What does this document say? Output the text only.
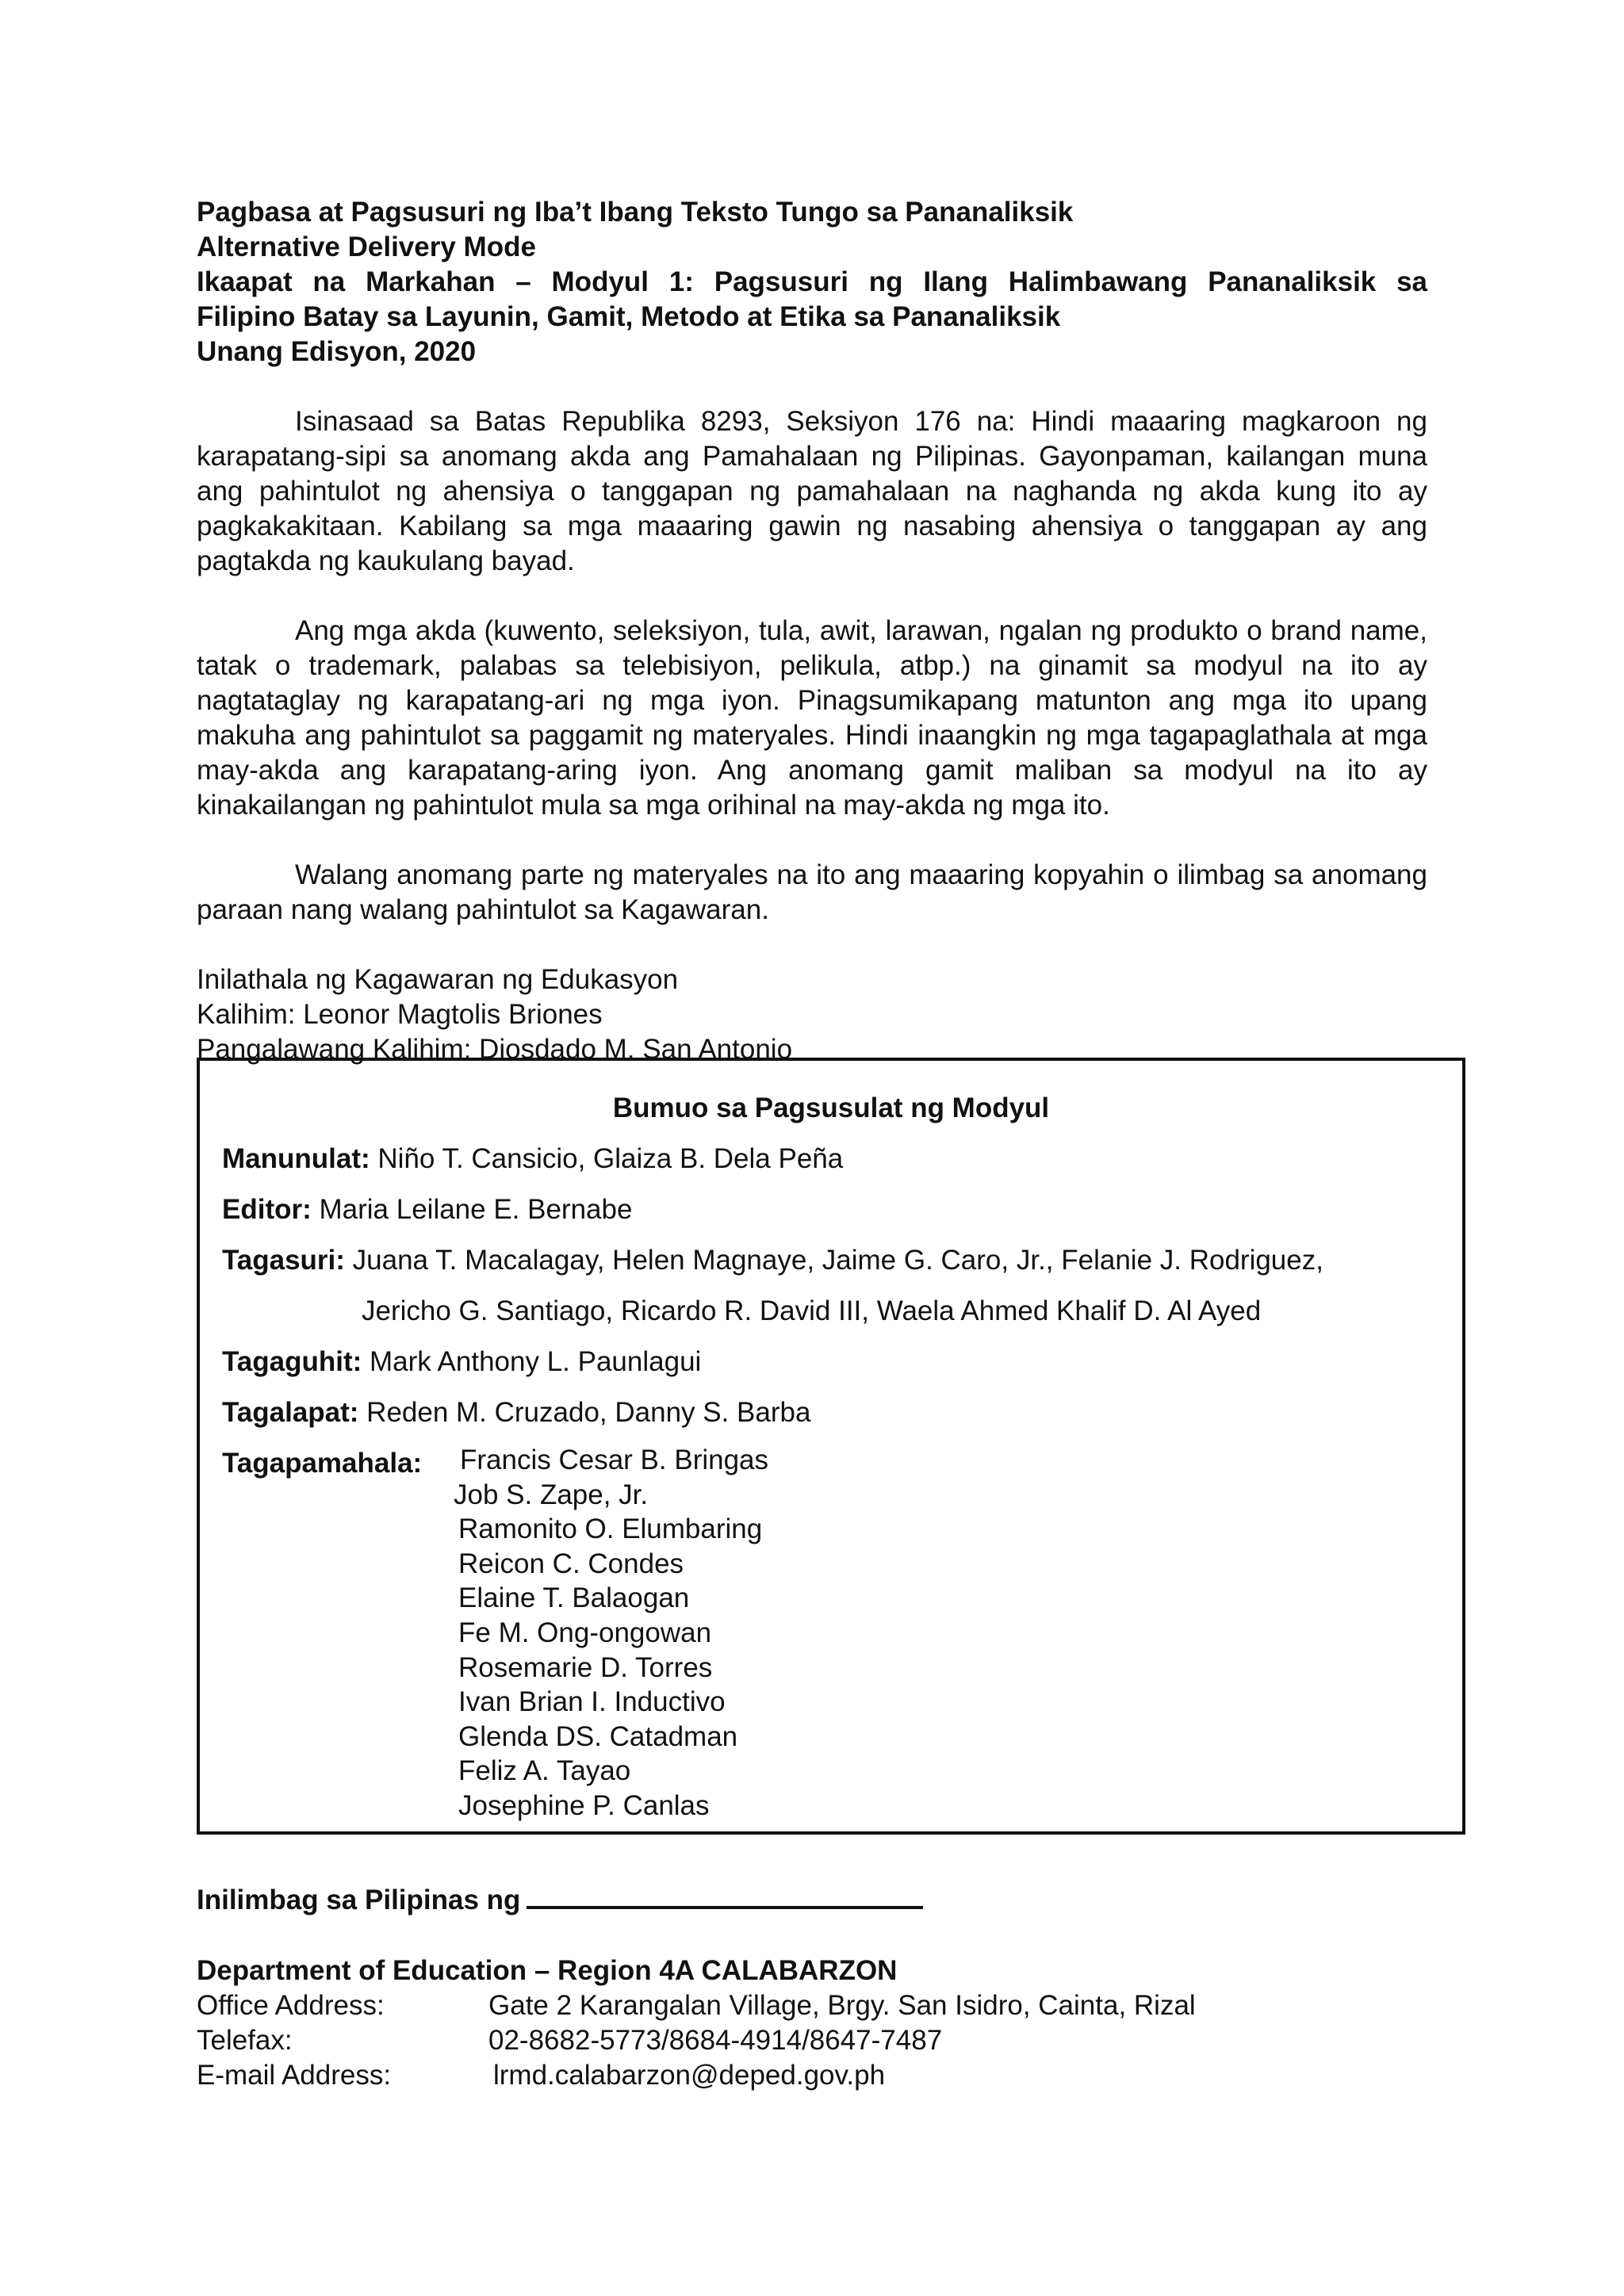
Pagbasa at Pagsusuri ng Iba’t Ibang Teksto Tungo sa Pananaliksik
Alternative Delivery Mode
Ikaapat na Markahan – Modyul 1: Pagsusuri ng Ilang Halimbawang Pananaliksik sa
Filipino Batay sa Layunin, Gamit, Metodo at Etika sa Pananaliksik
Unang Edisyon, 2020

Isinasaad sa Batas Republika 8293, Seksiyon 176 na: Hindi maaaring magkaroon ng karapatang-sipi sa anomang akda ang Pamahalaan ng Pilipinas. Gayonpaman, kailangan muna ang pahintulot ng ahensiya o tanggapan ng pamahalaan na naghanda ng akda kung ito ay pagkakakitaan. Kabilang sa mga maaaring gawin ng nasabing ahensiya o tanggapan ay ang pagtakda ng kaukulang bayad.

Ang mga akda (kuwento, seleksiyon, tula, awit, larawan, ngalan ng produkto o brand name, tatak o trademark, palabas sa telebisiyon, pelikula, atbp.) na ginamit sa modyul na ito ay nagtataglay ng karapatang-ari ng mga iyon. Pinagsumikapang matunton ang mga ito upang makuha ang pahintulot sa paggamit ng materyales. Hindi inaangkin ng mga tagapaglathala at mga may-akda ang karapatang-aring iyon. Ang anomang gamit maliban sa modyul na ito ay kinakailangan ng pahintulot mula sa mga orihinal na may-akda ng mga ito.

Walang anomang parte ng materyales na ito ang maaaring kopyahin o ilimbag sa anomang paraan nang walang pahintulot sa Kagawaran.

Inilathala ng Kagawaran ng Edukasyon
Kalihim: Leonor Magtolis Briones
Pangalawang Kalihim: Diosdado M. San Antonio
Bumuo sa Pagsusulat ng Modyul
Manunulat: Niño T. Cansicio, Glaiza B. Dela Peña
Editor: Maria Leilane E. Bernabe
Tagasuri: Juana T. Macalagay, Helen Magnaye, Jaime G. Caro, Jr., Felanie J. Rodriguez,
Jericho G. Santiago, Ricardo R. David III, Waela Ahmed Khalif D. Al Ayed
Tagaguhit: Mark Anthony L. Paunlagui
Tagalapat: Reden M. Cruzado, Danny S. Barba
Tagapamahala: Francis Cesar B. Bringas
Job S. Zape, Jr.
Ramonito O. Elumbaring
Reicon C. Condes
Elaine T. Balaogan
Fe M. Ong-ongowan
Rosemarie D. Torres
Ivan Brian I. Inductivo
Glenda DS. Catadman
Feliz A. Tayao
Josephine P. Canlas
Inilimbag sa Pilipinas ng
Department of Education – Region 4A CALABARZON
Office Address:	Gate 2 Karangalan Village, Brgy. San Isidro, Cainta, Rizal
Telefax:	02-8682-5773/8684-4914/8647-7487
E-mail Address:	lrmd.calabarzon@deped.gov.ph
